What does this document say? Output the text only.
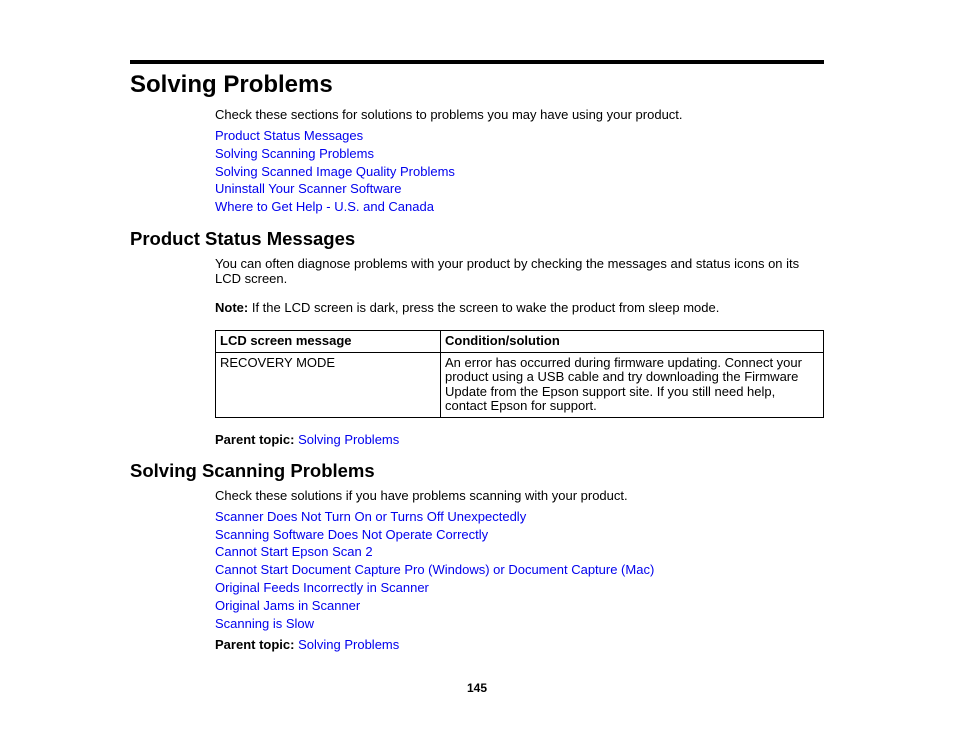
Solving Problems
Check these sections for solutions to problems you may have using your product.
Product Status Messages
Solving Scanning Problems
Solving Scanned Image Quality Problems
Uninstall Your Scanner Software
Where to Get Help - U.S. and Canada
Product Status Messages
You can often diagnose problems with your product by checking the messages and status icons on its LCD screen.
Note: If the LCD screen is dark, press the screen to wake the product from sleep mode.
LCD screen message	Condition/solution
RECOVERY MODE	An error has occurred during firmware updating. Connect your product using a USB cable and try downloading the Firmware Update from the Epson support site. If you still need help, contact Epson for support.
Parent topic: Solving Problems
Solving Scanning Problems
Check these solutions if you have problems scanning with your product.
Scanner Does Not Turn On or Turns Off Unexpectedly
Scanning Software Does Not Operate Correctly
Cannot Start Epson Scan 2
Cannot Start Document Capture Pro (Windows) or Document Capture (Mac)
Original Feeds Incorrectly in Scanner
Original Jams in Scanner
Scanning is Slow
Parent topic: Solving Problems
145
